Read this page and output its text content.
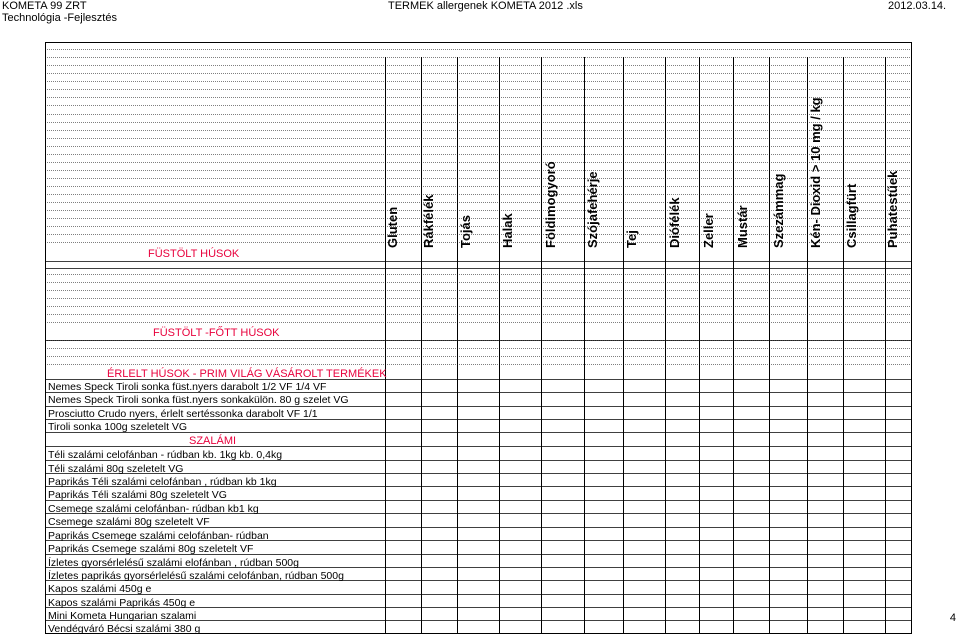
KOMETA 99 ZRT
Technológia -Fejlesztés
TERMEK allergenek KOMETA 2012 .xls	2012.03.14.
Gluten Rákfélék Tojás Halak Földimogyoró Szójafehérje Tej Diófélék Zeller Mustár Szezámmag Kén- Dioxid > 10 mg / kg Csillagfürt Puhatestűek
FÜSTÖLT HÚSOK
FÜSTÖLT -FŐTT HÚSOK
ÉRLELT HÚSOK - PRIM VILÁG VÁSÁROLT TERMÉKEK
SZALÁMI
Nemes Speck Tiroli sonka füst.nyers darabolt 1/2 VF 1/4 VF
Nemes Speck Tiroli sonka füst.nyers sonkakülön. 80 g szelet VG
Prosciutto Crudo nyers, érlelt sertéssonka darabolt VF 1/1
Tiroli sonka 100g szeletelt VG
Téli szalámi celofánban - rúdban kb. 1kg kb. 0,4kg
Téli szalámi 80g szeletelt VG
Paprikás Téli szalámi celofánban , rúdban kb 1kg
Paprikás Téli szalámi 80g szeletelt VG
Csemege szalámi celofánban- rúdban kb1 kg
Csemege szalámi 80g szeletelt VF
Paprikás Csemege szalámi celofánban- rúdban
Paprikás Csemege szalámi 80g szeletelt VF
Ízletes gyorsérlelésű szalámi elofánban , rúdban 500g
Ízletes paprikás gyorsérlelésű szalámi celofánban, rúdban 500g
Kapos szalámi 450g e
Kapos szalámi Paprikás 450g e
Mini Kometa Hungarian szalami
Vendégváró Bécsi szalámi 380 g
4
